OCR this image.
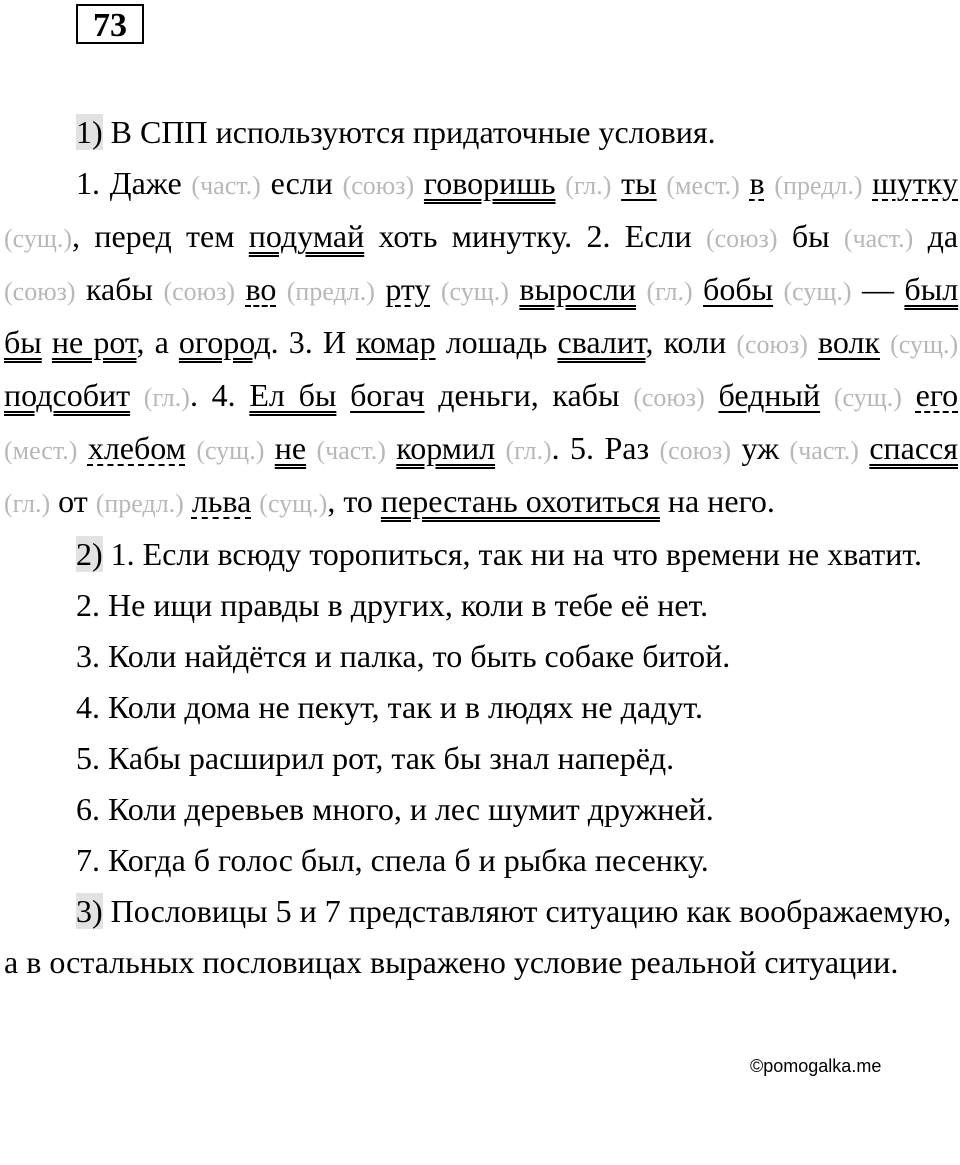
73

1) В СПП используются придаточные условия.

1. Даже (част.) если (союз) говоришь (гл.) ты (мест.) в (предл.) шутку (сущ.), перед тем подумай хоть минутку. 2. Если (союз) бы (част.) да (союз) кабы (союз) во (предл.) рту (сущ.) выросли (гл.) бобы (сущ.) — был бы не рот, а огород. 3. И комар лошадь свалит, коли (союз) волк (сущ.) подсобит (гл.). 4. Ел бы богач деньги, кабы (союз) бедный (сущ.) его (мест.) хлебом (сущ.) не (част.) кормил (гл.). 5. Раз (союз) уж (част.) спасся (гл.) от (предл.) льва (сущ.), то перестань охотиться на него.

2) 1. Если всюду торопиться, так ни на что времени не хватит.

2. Не ищи правды в других, коли в тебе её нет.

3. Коли найдётся и палка, то быть собаке битой.

4. Коли дома не пекут, так и в людях не дадут.

5. Кабы расширил рот, так бы знал наперёд.

6. Коли деревьев много, и лес шумит дружней.

7. Когда б голос был, спела б и рыбка песенку.

3) Пословицы 5 и 7 представляют ситуацию как воображаемую, а в остальных пословицах выражено условие реальной ситуации.

©pomogalka.me
